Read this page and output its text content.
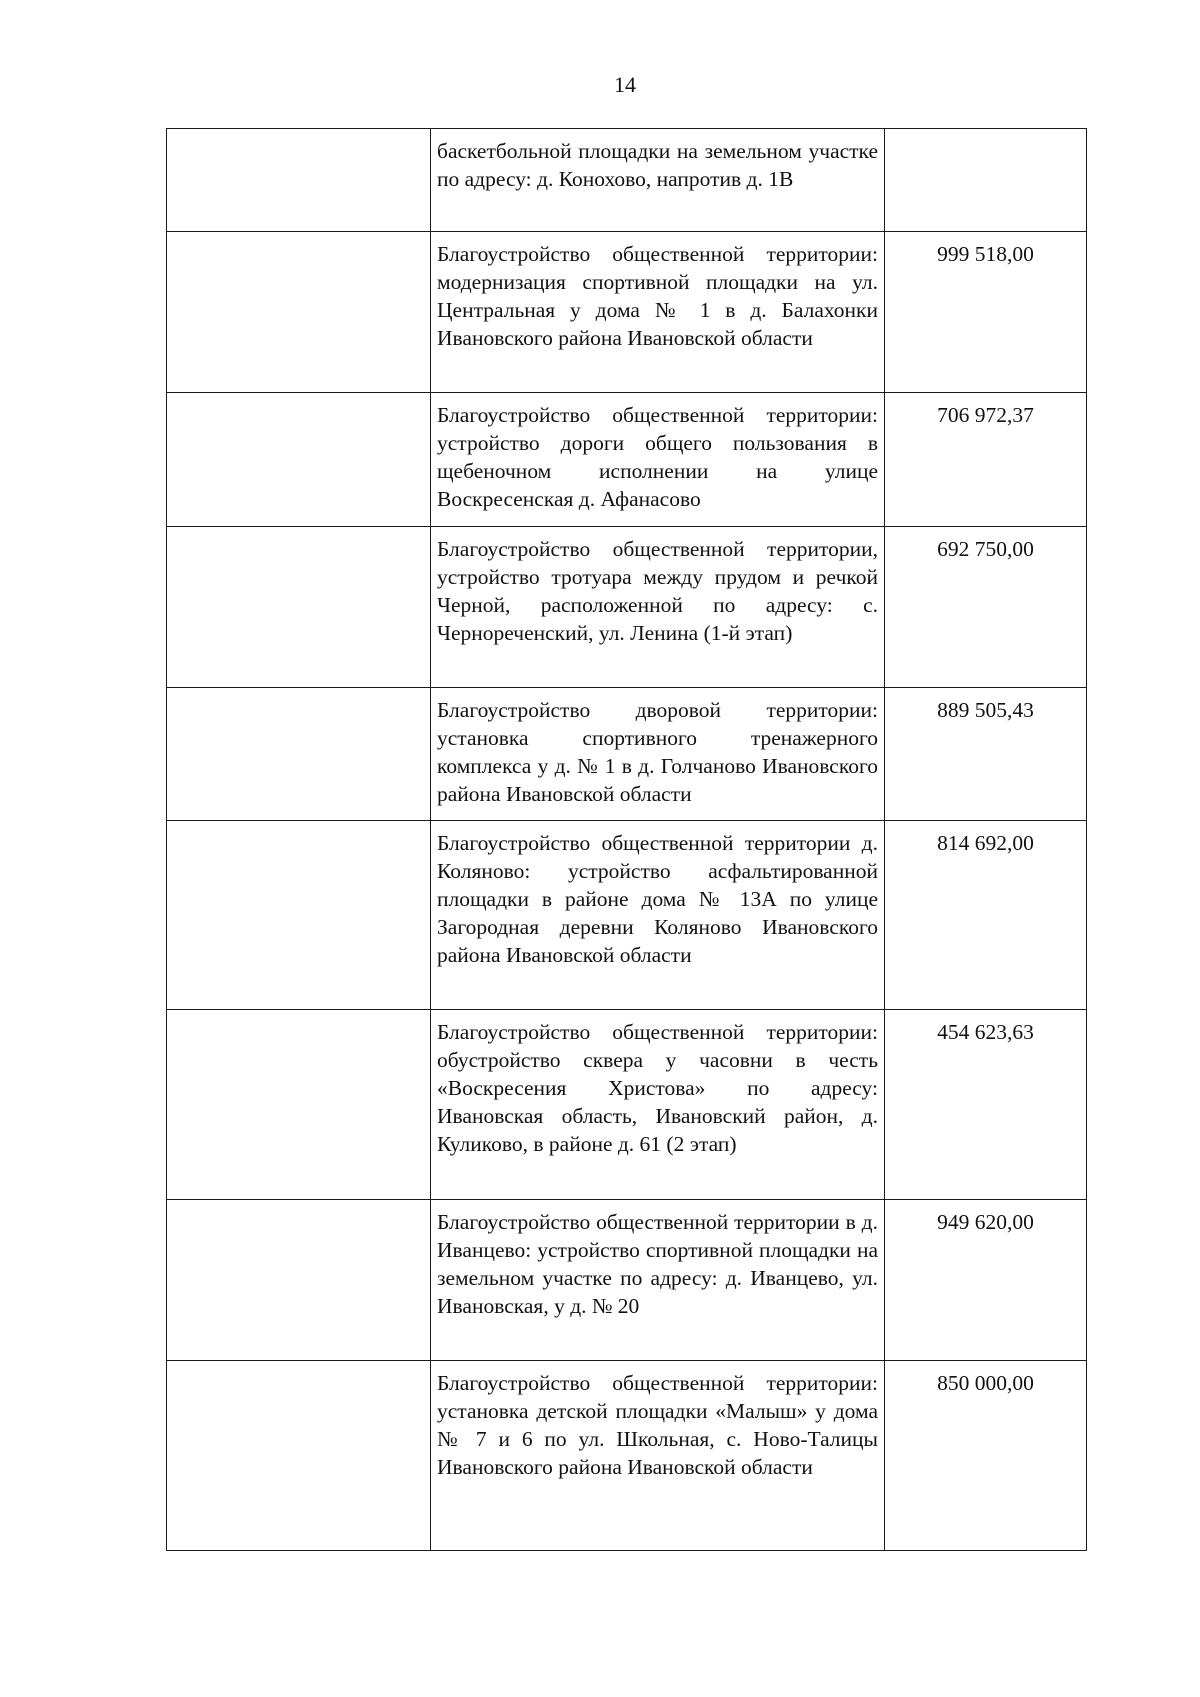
14
	баскетбольной площадки на земельном участке по адресу: д. Конохово, напротив д. 1В	
	Благоустройство общественной территории: модернизация спортивной площадки на ул. Центральная у дома № 1 в д. Балахонки Ивановского района Ивановской области	999 518,00
	Благоустройство общественной территории: устройство дороги общего пользования в щебеночном исполнении на улице Воскресенская д. Афанасово	706 972,37
	Благоустройство общественной территории, устройство тротуара между прудом и речкой Черной, расположенной по адресу: с. Чернореченский, ул. Ленина (1-й этап)	692 750,00
	Благоустройство дворовой территории: установка спортивного тренажерного комплекса у д. № 1 в д. Голчаново Ивановского района Ивановской области	889 505,43
	Благоустройство общественной территории д. Коляново: устройство асфальтированной площадки в районе дома № 13А по улице Загородная деревни Коляново Ивановского района Ивановской области	814 692,00
	Благоустройство общественной территории: обустройство сквера у часовни в честь «Воскресения Христова» по адресу: Ивановская область, Ивановский район, д. Куликово, в районе д. 61 (2 этап)	454 623,63
	Благоустройство общественной территории в д. Иванцево: устройство спортивной площадки на земельном участке по адресу: д. Иванцево, ул. Ивановская, у д. № 20	949 620,00
	Благоустройство общественной территории: установка детской площадки «Малыш» у дома № 7 и 6 по ул. Школьная, с. Ново-Талицы Ивановского района Ивановской области	850 000,00
